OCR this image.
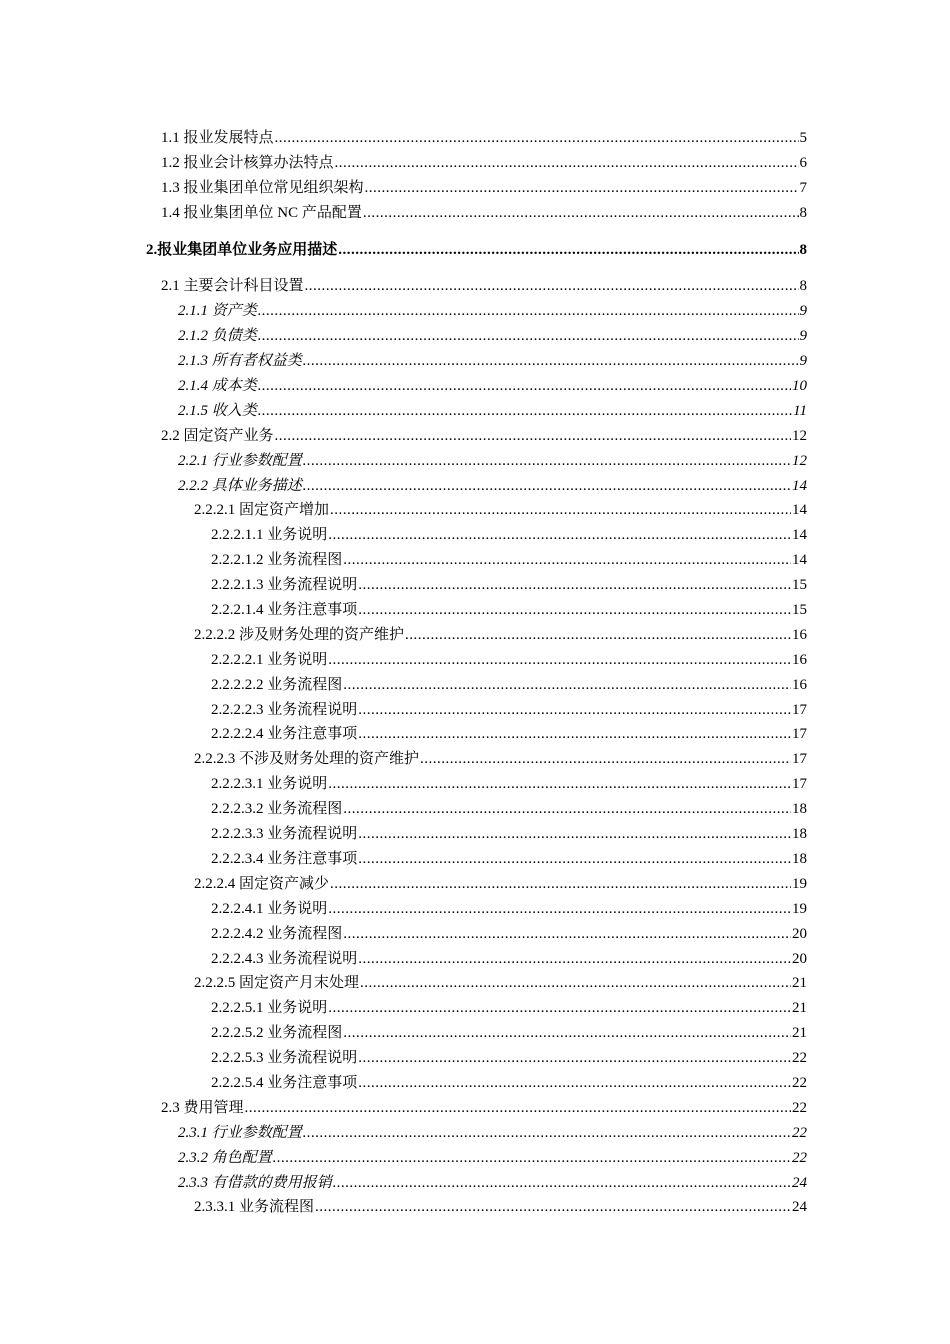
1.1 报业发展特点 .....	5
1.2 报业会计核算办法特点 .....	6
1.3 报业集团单位常见组织架构 .....	7
1.4 报业集团单位 NC 产品配置 .....	8
2.报业集团单位业务应用描述 .....	8
2.1 主要会计科目设置 .....	8
2.1.1 资产类 .....	9
2.1.2 负债类 .....	9
2.1.3 所有者权益类 .....	9
2.1.4 成本类 .....	10
2.1.5 收入类 .....	11
2.2 固定资产业务 .....	12
2.2.1 行业参数配置 .....	12
2.2.2 具体业务描述 .....	14
2.2.2.1 固定资产增加 .....	14
2.2.2.1.1 业务说明 .....	14
2.2.2.1.2 业务流程图 .....	14
2.2.2.1.3 业务流程说明 .....	15
2.2.2.1.4 业务注意事项 .....	15
2.2.2.2 涉及财务处理的资产维护 .....	16
2.2.2.2.1 业务说明 .....	16
2.2.2.2.2 业务流程图 .....	16
2.2.2.2.3 业务流程说明 .....	17
2.2.2.2.4 业务注意事项 .....	17
2.2.2.3 不涉及财务处理的资产维护 .....	17
2.2.2.3.1 业务说明 .....	17
2.2.2.3.2 业务流程图 .....	18
2.2.2.3.3 业务流程说明 .....	18
2.2.2.3.4 业务注意事项 .....	18
2.2.2.4 固定资产减少 .....	19
2.2.2.4.1 业务说明 .....	19
2.2.2.4.2 业务流程图 .....	20
2.2.2.4.3 业务流程说明 .....	20
2.2.2.5 固定资产月末处理 .....	21
2.2.2.5.1 业务说明 .....	21
2.2.2.5.2 业务流程图 .....	21
2.2.2.5.3 业务流程说明 .....	22
2.2.2.5.4 业务注意事项 .....	22
2.3 费用管理 .....	22
2.3.1 行业参数配置 .....	22
2.3.2 角色配置 .....	22
2.3.3 有借款的费用报销 .....	24
2.3.3.1 业务流程图 .....	24
